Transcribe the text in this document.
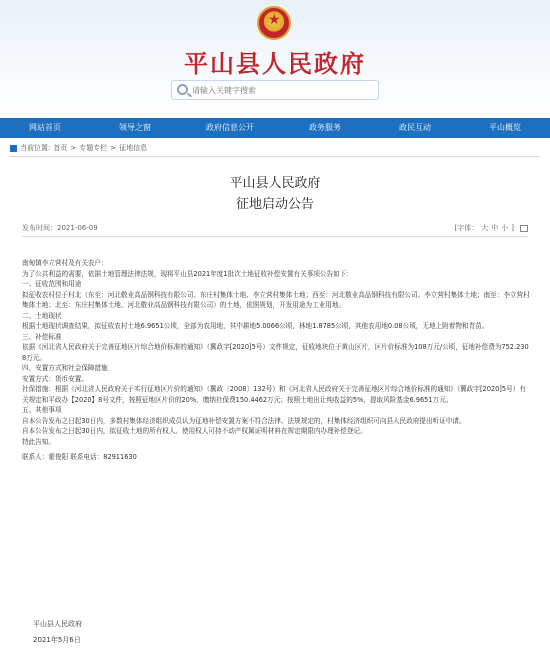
★
平山县人民政府
请输入关键字搜索
网站首页	领导之窗	政府信息公开	政务服务	政民互动	平山概览
当前位置: 首页 > 专题专栏 > 征地信息
平山县人民政府
征地启动公告
发布时间：2021-06-09	[字体： 大 中 小 ]

南甸镇李立营村及有关农户：

为了公共利益的需要，依据土地管理法律法规，现将平山县2021年度1批次土地征收补偿安置有关事项公告如下：

一、征收范围和用途

拟征收农村位于村北（东至：河北敬业高品钢科技有限公司、东庄村集体土地、李立营村集体土地；西至：河北敬业高品钢科技有限公司、李立营村集体土地；南至：李立营村集体土地；北至：东庄村集体土地、河北敬业高品钢科技有限公司）的土地，依照规划，开发用途为工业用地。

二、土地现状

根据土地现状调查结果，拟征收农村土地6.9651公顷，全部为农用地，其中耕地5.0066公顷，林地1.8785公顷，其他农用地0.08公顷，无地上附着物和青苗。

三、补偿标准

依据《河北省人民政府关于完善征地区片综合地价标准的通知》（冀政字[2020]5号）文件规定，征收地块位于黄山区片，区片价标准为108万元/公顷，征地补偿费为752.2308万元。

四、安置方式和社会保障措施

安置方式：货币安置。

社保措施：根据《河北省人民政府关于实行征地区片价的通知》（冀政〔2008〕132号）和《河北省人民政府关于完善征地区片综合地价标准的通知》（冀政字[2020]5号）有关规定和平政办【2020】8号文件，按照征地区片价的20%，缴纳社保费150.4462万元；按照土地出让纯收益的5%，提取风险基金6.9651万元。

五、其他事项

自本公告发布之日起30日内，多数村集体经济组织成员认为征地补偿安置方案不符合法律、法规规定的，村集体经济组织可向县人民政府提出听证申请。

自本公告发布之日起30日内，拟征收土地的所有权人、使用权人可持不动产权属证明材料在规定期限内办理补偿登记。

特此告知。

联系人：霍俊阳 联系电话：82911630

平山县人民政府
2021年5月6日
